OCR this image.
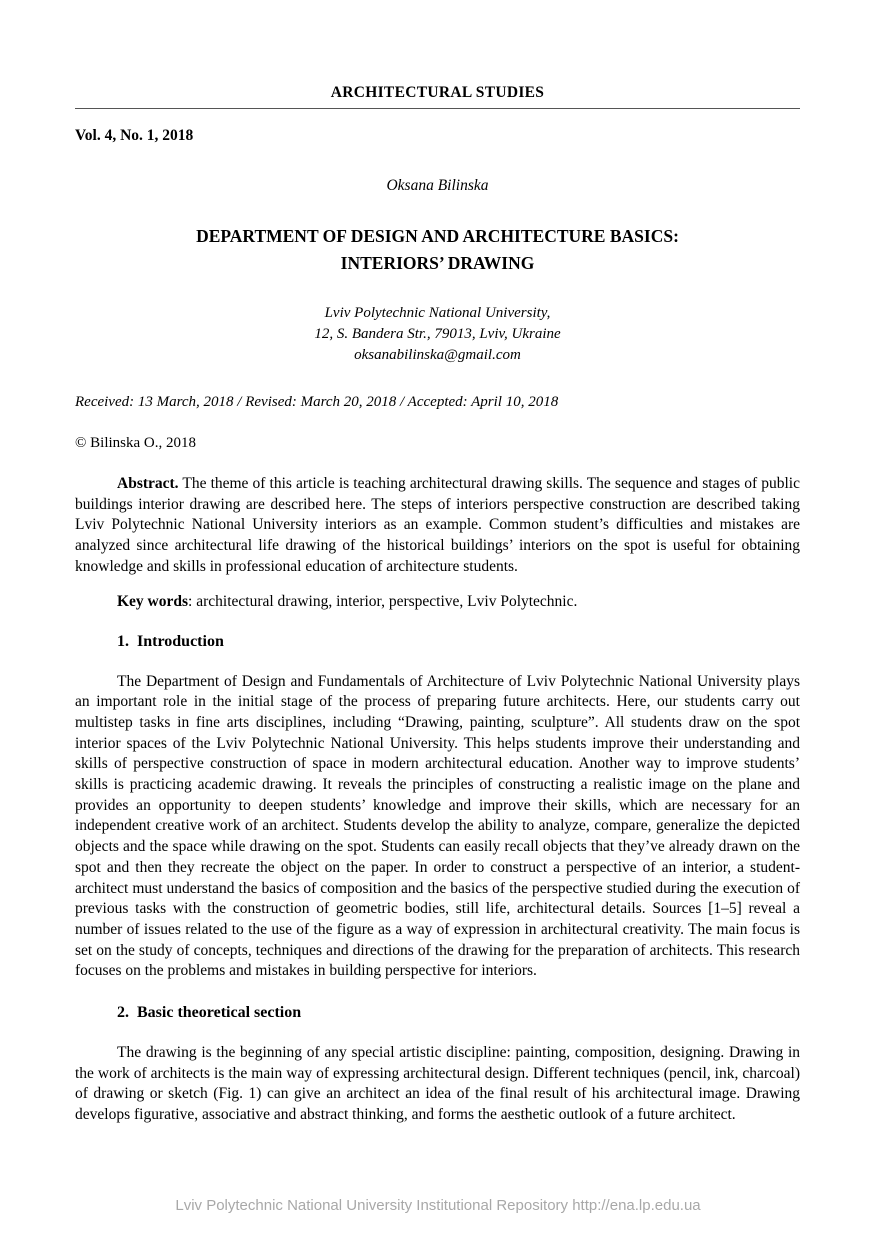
ARCHITECTURAL STUDIES
Vol. 4, No. 1, 2018
Oksana Bilinska
DEPARTMENT OF DESIGN AND ARCHITECTURE BASICS:
INTERIORS’ DRAWING
Lviv Polytechnic National University,
12, S. Bandera Str., 79013, Lviv, Ukraine
oksanabilinska@gmail.com
Received: 13 March, 2018 / Revised: March 20, 2018 / Accepted: April 10, 2018
© Bilinska O., 2018

Abstract. The theme of this article is teaching architectural drawing skills. The sequence and stages of public buildings interior drawing are described here. The steps of interiors perspective construction are described taking Lviv Polytechnic National University interiors as an example. Common student’s difficulties and mistakes are analyzed since architectural life drawing of the historical buildings’ interiors on the spot is useful for obtaining knowledge and skills in professional education of architecture students.

Key words: architectural drawing, interior, perspective, Lviv Polytechnic.
1. Introduction

The Department of Design and Fundamentals of Architecture of Lviv Polytechnic National University plays an important role in the initial stage of the process of preparing future architects. Here, our students carry out multistep tasks in fine arts disciplines, including “Drawing, painting, sculpture”. All students draw on the spot interior spaces of the Lviv Polytechnic National University. This helps students improve their understanding and skills of perspective construction of space in modern architectural education. Another way to improve students’ skills is practicing academic drawing. It reveals the principles of constructing a realistic image on the plane and provides an opportunity to deepen students’ knowledge and improve their skills, which are necessary for an independent creative work of an architect. Students develop the ability to analyze, compare, generalize the depicted objects and the space while drawing on the spot. Students can easily recall objects that they’ve already drawn on the spot and then they recreate the object on the paper. In order to construct a perspective of an interior, a student-architect must understand the basics of composition and the basics of the perspective studied during the execution of previous tasks with the construction of geometric bodies, still life, architectural details. Sources [1–5] reveal a number of issues related to the use of the figure as a way of expression in architectural creativity. The main focus is set on the study of concepts, techniques and directions of the drawing for the preparation of architects. This research focuses on the problems and mistakes in building perspective for interiors.

2. Basic theoretical section

The drawing is the beginning of any special artistic discipline: painting, composition, designing. Drawing in the work of architects is the main way of expressing architectural design. Different techniques (pencil, ink, charcoal) of drawing or sketch (Fig. 1) can give an architect an idea of the final result of his architectural image. Drawing develops figurative, associative and abstract thinking, and forms the aesthetic outlook of a future architect.

Lviv Polytechnic National University Institutional Repository http://ena.lp.edu.ua
